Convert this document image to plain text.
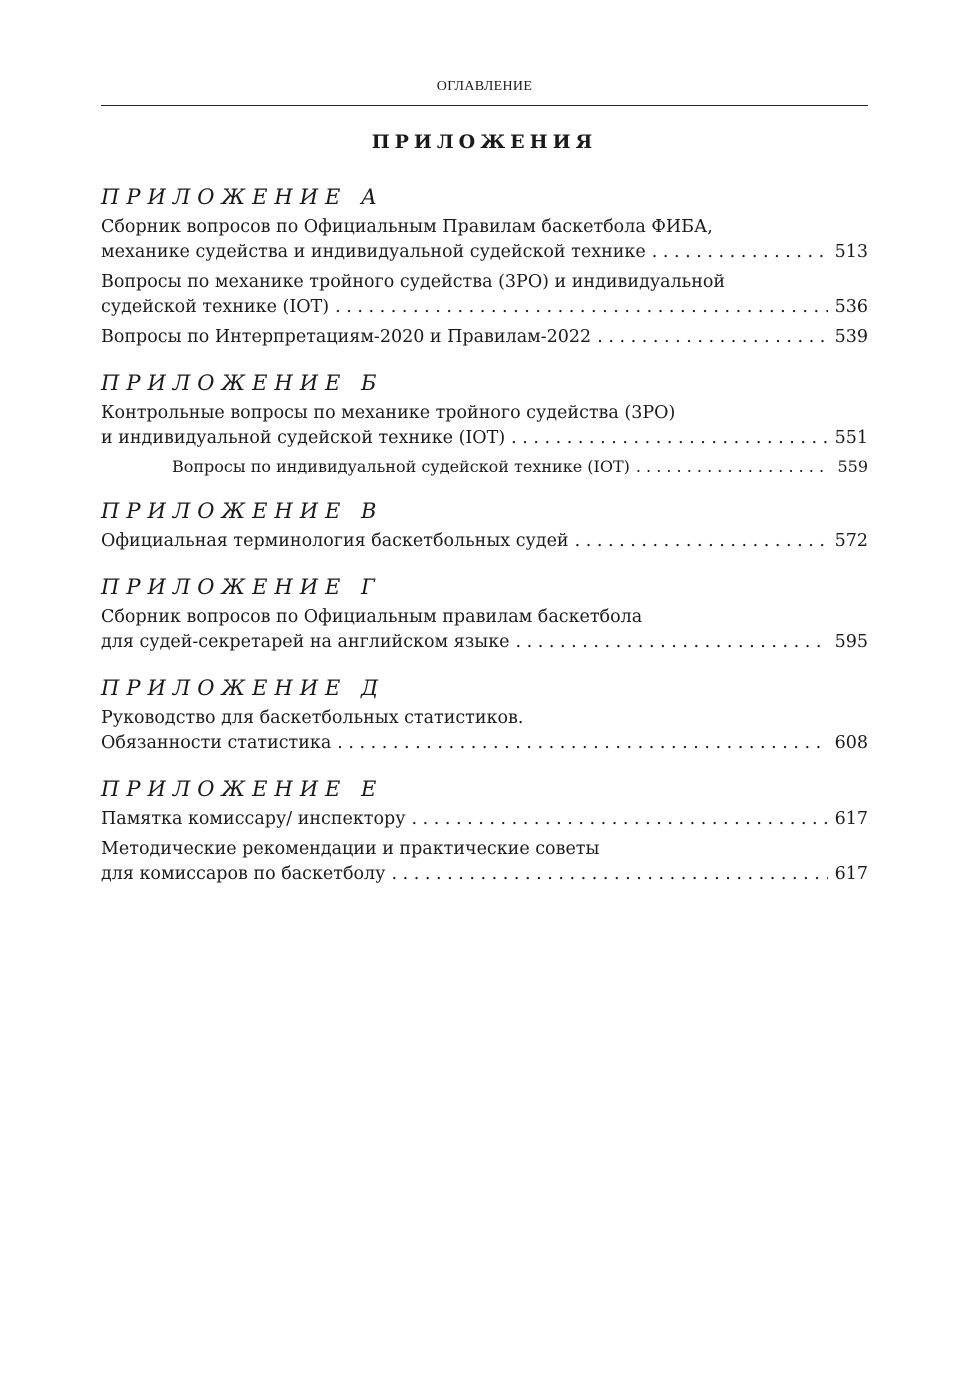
ОГЛАВЛЕНИЕ
ПРИЛОЖЕНИЯ
ПРИЛОЖЕНИЕ А
Сборник вопросов по Официальным Правилам баскетбола ФИБА,
механике судейства и индивидуальной судейской технике . . .	513
Вопросы по механике тройного судейства (3РО) и индивидуальной
судейской технике (IOT) . . .	536
Вопросы по Интерпретациям-2020 и Правилам-2022 . . .	539
ПРИЛОЖЕНИЕ Б
Контрольные вопросы по механике тройного судейства (3РО)
и индивидуальной судейской технике (IOT) . . .	551
Вопросы по индивидуальной судейской технике (IOT) . . .	559
ПРИЛОЖЕНИЕ В
Официальная терминология баскетбольных судей . . .	572
ПРИЛОЖЕНИЕ Г
Сборник вопросов по Официальным правилам баскетбола
для судей-секретарей на английском языке . . .	595
ПРИЛОЖЕНИЕ Д
Руководство для баскетбольных статистиков.
Обязанности статистика . . .	608
ПРИЛОЖЕНИЕ Е
Памятка комиссару/ инспектору . . .	617
Методические рекомендации и практические советы
для комиссаров по баскетболу . . .	617
